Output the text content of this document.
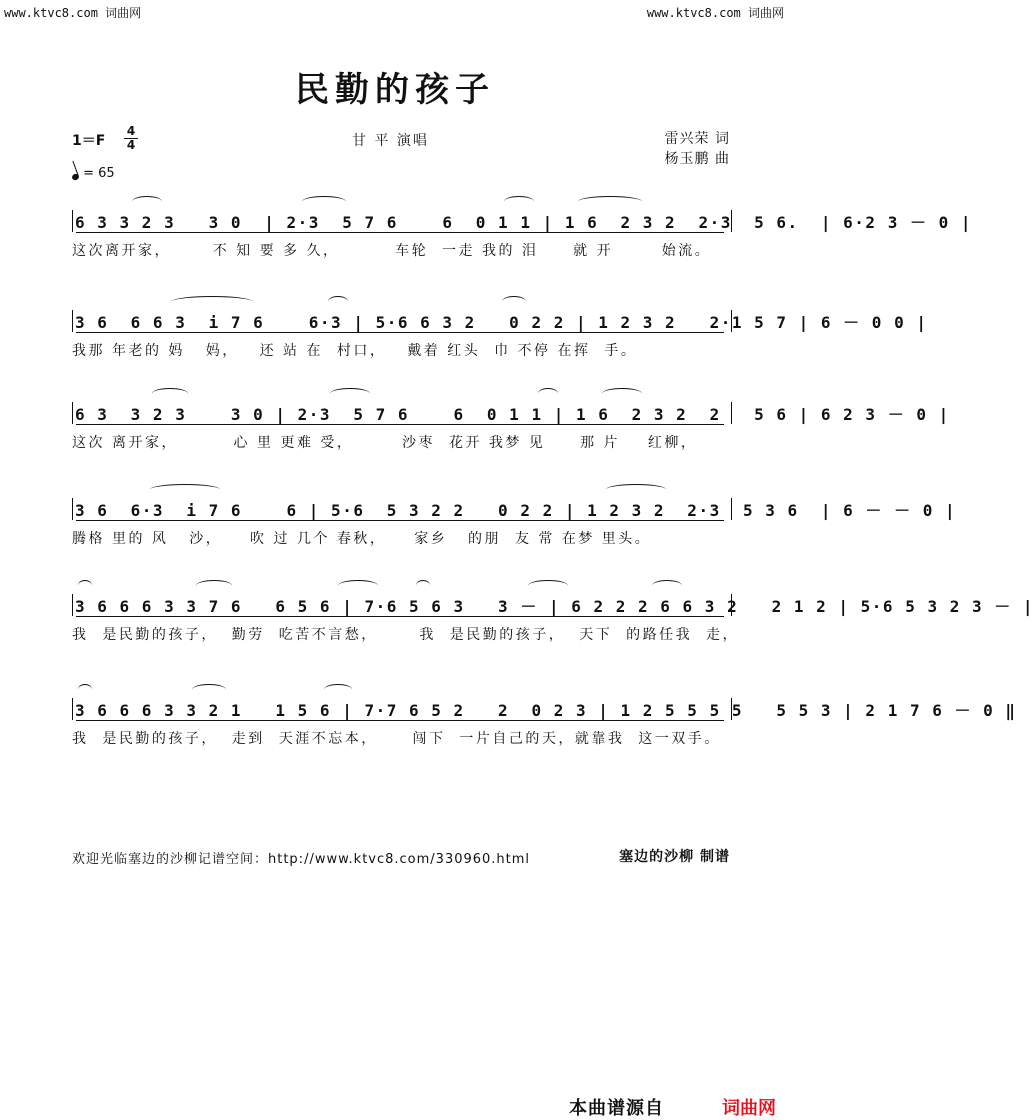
www.ktvc8.com 词曲网	www.ktvc8.com 词曲网
民勤的孩子
1＝F
4
4
= 65
甘 平 演唱	雷兴荣 词
杨玉鹏 曲
6 3 3 2 3   3 0  | 2·3  5 7 6    6  0 1 1 | 1 6  2 3 2  2·3  5 6.  | 6·2 3 － 0 |
这次离开家，      不 知 要 多 久，        车轮  一走 我的 泪     就 开       始流。
3 6  6 6 3  i 7 6    6·3 | 5·6 6 3 2   0 2 2 | 1 2 3 2   2·1 5 7 | 6 － 0 0 |
我那 年老的 妈   妈，   还 站 在  村口，   戴着 红头  巾 不停 在挥  手。
6 3  3 2 3    3 0 | 2·3  5 7 6    6  0 1 1 | 1 6  2 3 2  2   5 6 | 6 2 3 － 0 |
这次 离开家，        心 里 更难 受，       沙枣  花开 我梦 见     那 片    红柳，
3 6  6·3  i 7 6    6 | 5·6  5 3 2 2   0 2 2 | 1 2 3 2  2·3  5 3 6  | 6 － － 0 |
腾格 里的 风   沙，    吹 过 几个 春秋，    家乡   的朋  友 常 在梦 里头。
3 6 6 6 3 3 7 6   6 5 6 | 7·6 5 6 3   3 － | 6 2 2 2 6 6 3 2   2 1 2 | 5·6 5 3 2 3 － |
我  是民勤的孩子，  勤劳  吃苦不言愁，      我  是民勤的孩子，  天下  的路任我  走，
3 6 6 6 3 3 2 1   1 5 6 | 7·7 6 5 2   2  0 2 3 | 1 2 5 5 5 5   5 5 3 | 2 1 7 6 － 0 ‖
我  是民勤的孩子，  走到  天涯不忘本，     闯下  一片自己的天，就靠我  这一双手。
欢迎光临塞边的沙柳记谱空间：http://www.ktvc8.com/330960.html	塞边的沙柳 制谱
本曲谱源自	词曲网
